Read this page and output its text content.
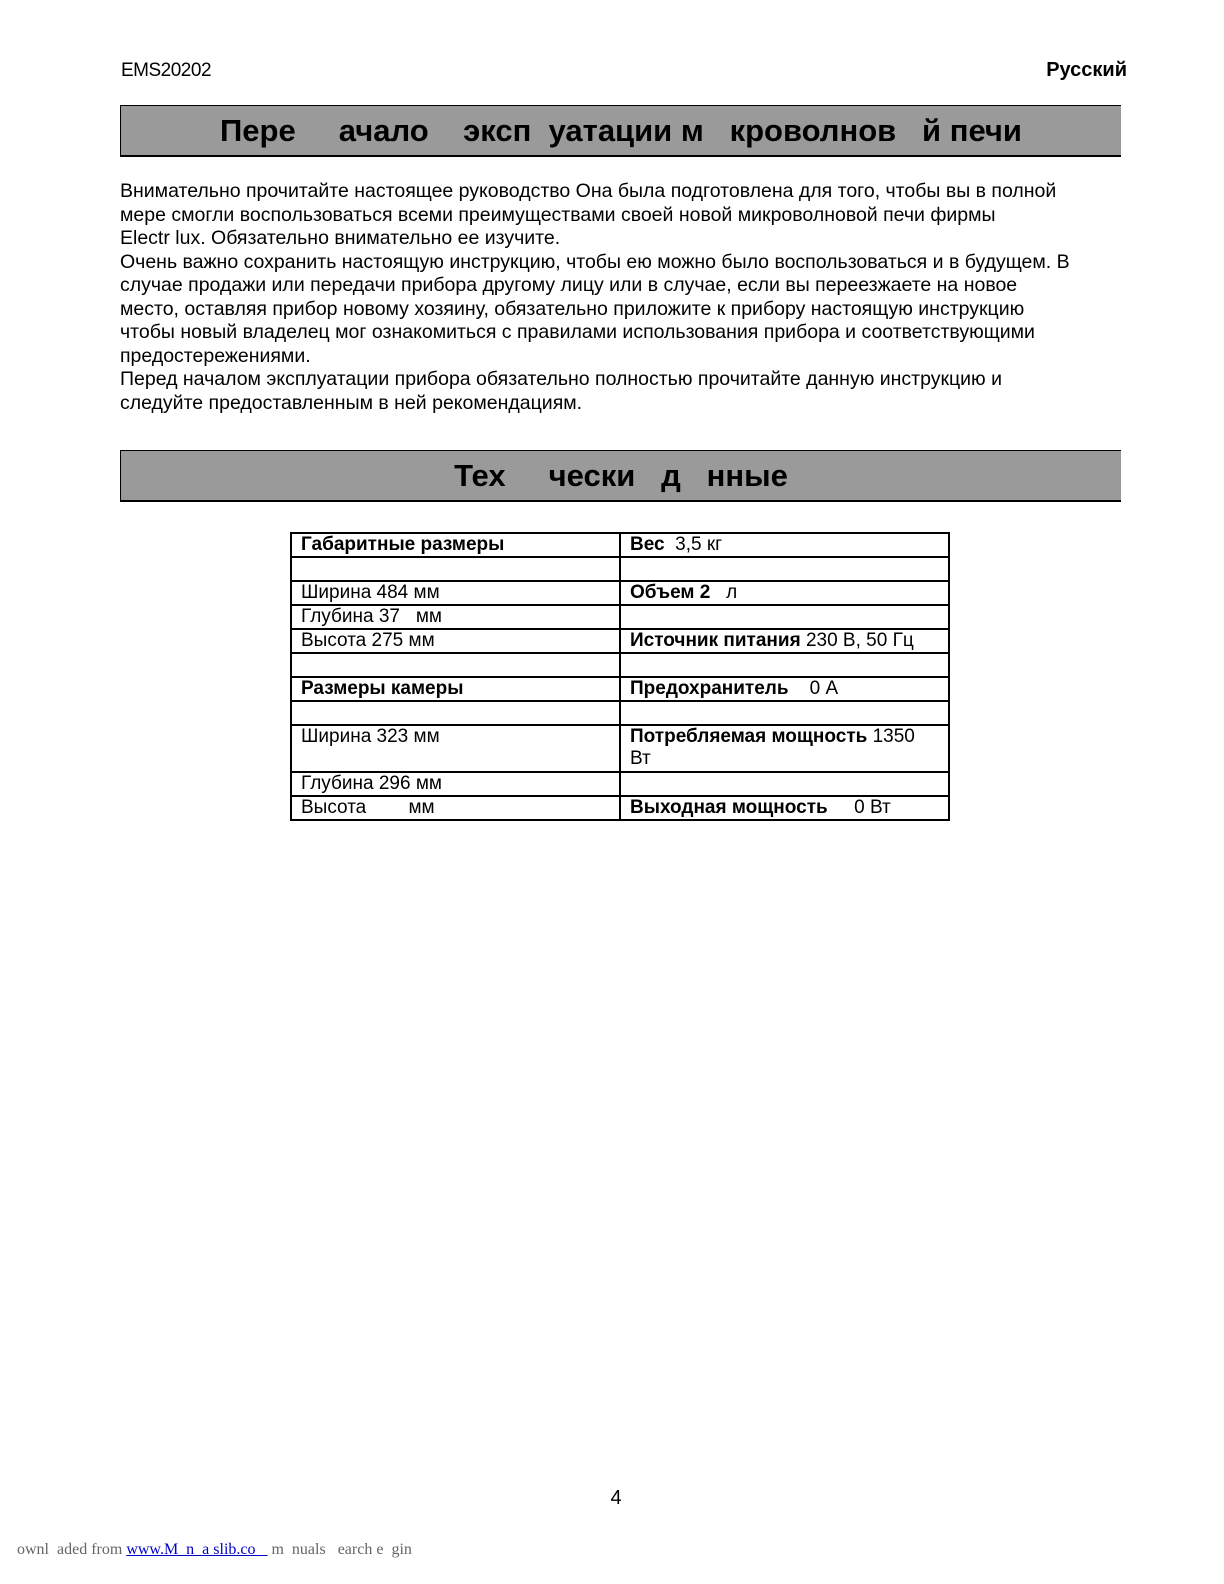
EMS20202	Русский
Пере     ачало    эксп  уатации м   кроволнов   й печи

Внимательно прочитайте настоящее руководство Она была подготовлена для того, чтобы вы в полной
мере смогли воспользоваться всеми преимуществами своей новой микроволновой печи фирмы
Electr lux. Обязательно внимательно ее изучите.

Очень важно сохранить настоящую инструкцию, чтобы ею можно было воспользоваться и в будущем. В
случае продажи или передачи прибора другому лицу или в случае, если вы переезжаете на новое
место, оставляя прибор новому хозяину, обязательно приложите к прибору настоящую инструкцию
чтобы новый владелец мог ознакомиться с правилами использования прибора и соответствующими
предостережениями.

Перед началом эксплуатации прибора обязательно полностью прочитайте данную инструкцию и
следуйте предоставленным в ней рекомендациям.

Тех     чески   д   нные
Габаритные размеры	Вес  3,5 кг

Ширина 484 мм	Объем 2   л
Глубина 37   мм	
Высота 275 мм	Источник питания 230 В, 50 Гц

Размеры камеры	Предохранитель    0 А

Ширина 323 мм	Потребляемая мощность 1350 Вт
Глубина 296 мм	
Высота        мм	Выходная мощность     0 Вт
4
ownl  aded from www.M  n  a slib.co    m  nuals   earch e  gin
